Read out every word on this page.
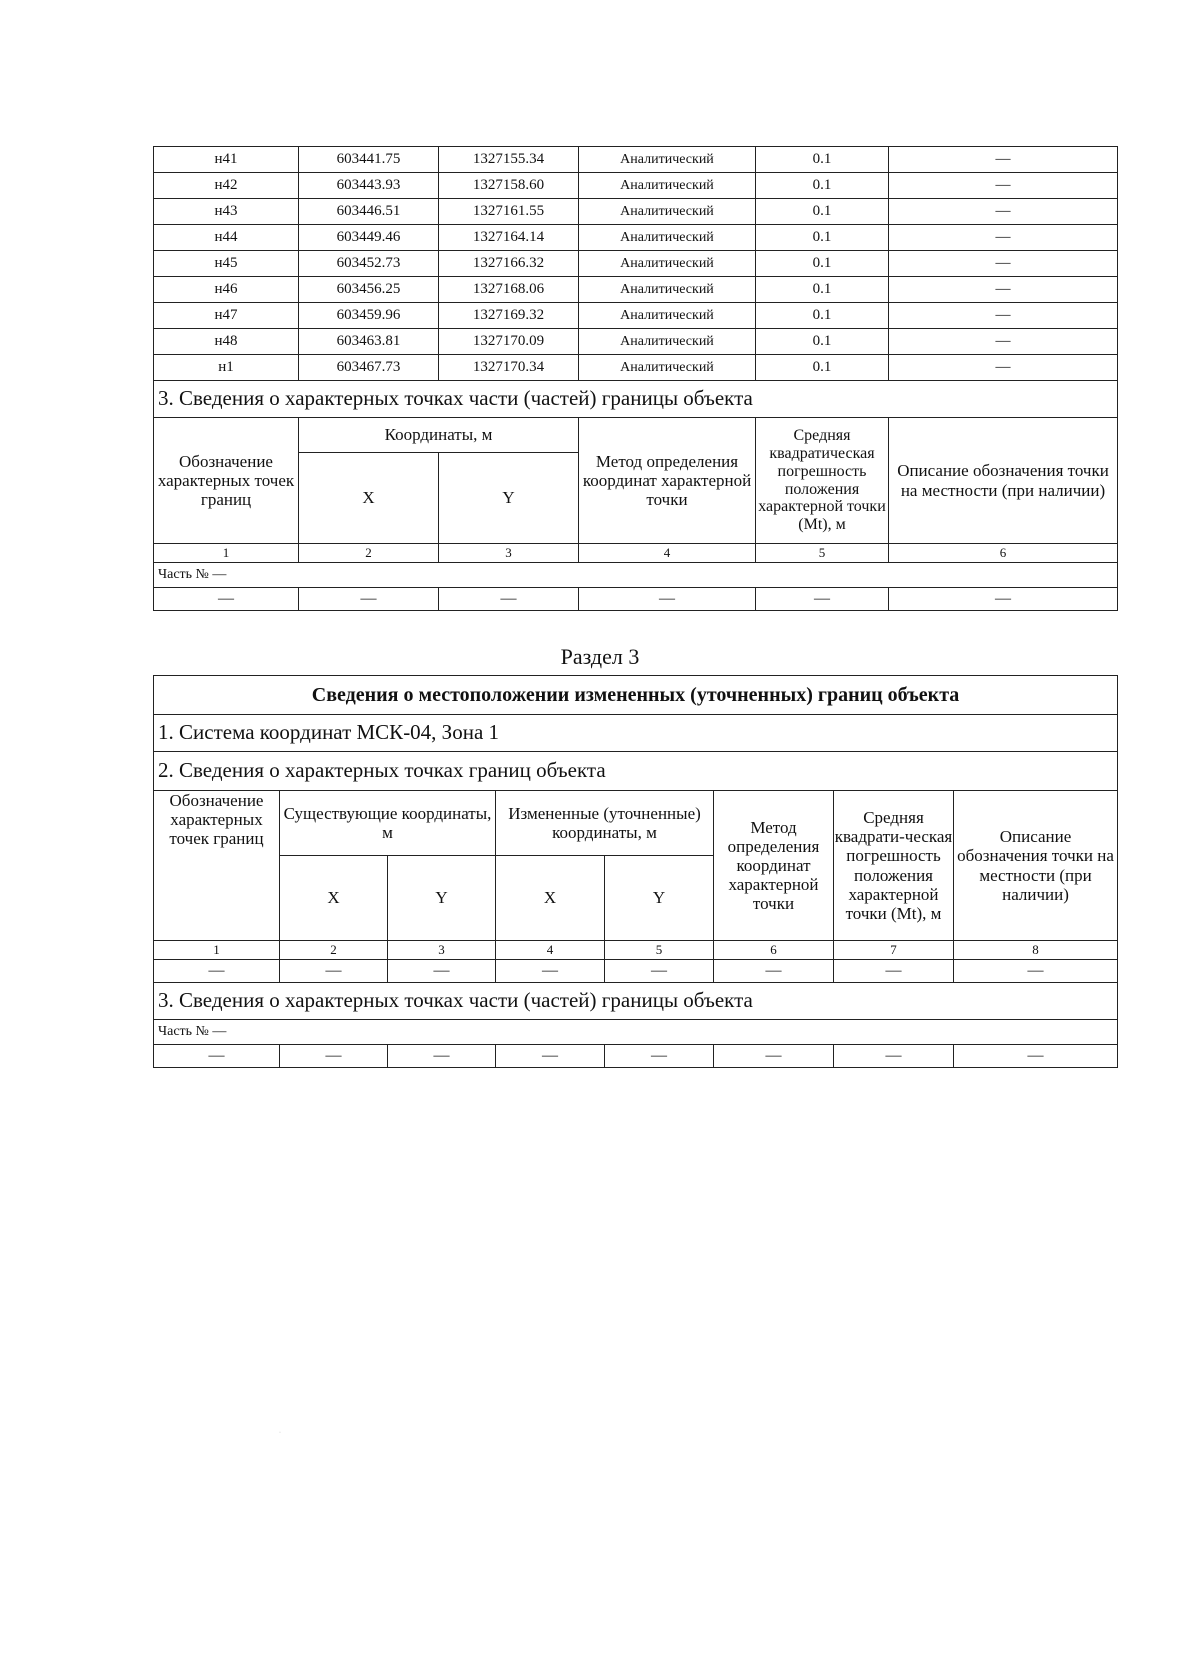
н41	603441.75	1327155.34	Аналитический	0.1	—
н42	603443.93	1327158.60	Аналитический	0.1	—
н43	603446.51	1327161.55	Аналитический	0.1	—
н44	603449.46	1327164.14	Аналитический	0.1	—
н45	603452.73	1327166.32	Аналитический	0.1	—
н46	603456.25	1327168.06	Аналитический	0.1	—
н47	603459.96	1327169.32	Аналитический	0.1	—
н48	603463.81	1327170.09	Аналитический	0.1	—
н1	603467.73	1327170.34	Аналитический	0.1	—
3. Сведения о характерных точках части (частей) границы объекта					
Обозначение характерных точек границ	Координаты, м		Метод определения координат характерной точки	Средняя квадратическая погрешность положения характерной точки (Mt), м	Описание обозначения точки на местности (при наличии)
	X	Y			
1	2	3	4	5	6
Часть № —					
—	—	—	—	—	—
Раздел 3
Сведения о местоположении измененных (уточненных) границ объекта							
1. Система координат МСК-04, Зона 1							
2. Сведения о характерных точках границ объекта							
Обозначение характерных точек границ	Существующие координаты, м		Измененные (уточненные) координаты, м		Метод определения координат характерной точки	Средняя квадрати-ческая погрешность положения характерной точки (Mt), м	Описание обозначения точки на местности (при наличии)
	X	Y	X	Y			
1	2	3	4	5	6	7	8
—	—	—	—	—	—	—	—
3. Сведения о характерных точках части (частей) границы объекта							
Часть № —							
—	—	—	—	—	—	—	—
·
